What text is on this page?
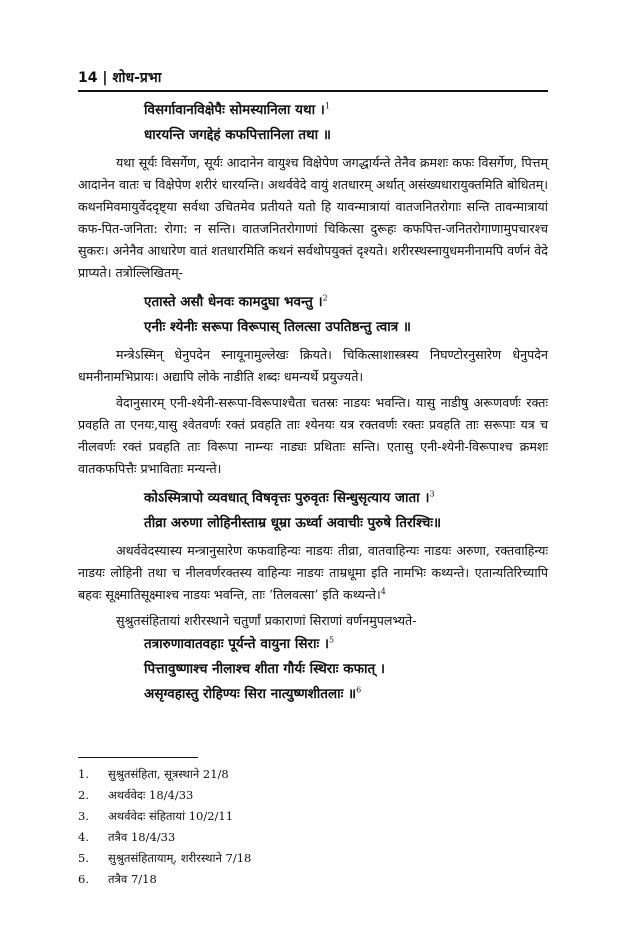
14 | शोध-प्रभा
विसर्गावानविक्षेपैः सोमस्यानिला यथा ।$^1$
धारयन्ति जगद्देहं कफपित्तानिला तथा ॥

यथा सूर्यः विसर्गेण, सूर्यः आदानेन वायुश्च विक्षेपेण जगद्धार्यन्ते तेनैव क्रमशः कफः विसर्गेण, पित्तम् आदानेन वातः च विक्षेपेण शरीरं धारयन्ति। अथर्ववेदे वायुं शतधारम् अर्थात् असंख्यधारायुक्तमिति बोधितम्। कथनमिवमायुर्वेददृष्ट्या सर्वथा उचितमेव प्रतीयते यतो हि यावन्मात्रायां वातजनितरोगाः सन्ति तावन्मात्रायां कफ-पित-जनिता: रोगा: न सन्ति। वातजनितरोगाणां चिकित्सा दुरूहः कफपित्त-जनितरोगाणामुपचारश्च सुकरः। अनेनैव आधारेण वातं शतधारमिति कथनं सर्वथोपयुक्तं दृश्यते। शरीरस्थस्नायुधमनीनामपि वर्णनं वेदे प्राप्यते। तत्रोल्लिखितम्-

एतास्ते असौ धेनवः कामदुघा भवन्तु ।$^2$
एनीः श्येनीः सरूपा विरूपास् तिलत्सा उपतिष्ठन्तु त्वात्र ॥

मन्त्रेऽस्मिन् धेनुपदेन स्नायूनामुल्लेखः क्रियते। चिकित्साशास्त्रस्य निघण्टोरनुसारेण धेनुपदेन धमनीनामभिप्रायः। अद्यापि लोके नाडीति शब्दः धमन्यर्थे प्रयुज्यते।

वेदानुसारम् एनी-श्येनी-सरूपा-विरूपाश्चैता चतस्रः नाडयः भवन्ति। यासु नाडीषु अरूणवर्णः रक्तः प्रवहति ता एनयः,यासु श्वेतवर्णः रक्तं प्रवहति ताः श्येनयः यत्र रक्तवर्णः रक्तः प्रवहति ताः सरूपाः यत्र च नीलवर्णः रक्तं प्रवहति ताः विरूपा नाम्न्यः नाड्यः प्रथिताः सन्ति। एतासु एनी-श्येनी-विरूपाश्च क्रमशः वातकफपित्तैः प्रभाविताः मन्यन्ते।

कोऽस्मित्रापो व्यवधात् विषवृत्तः पुरुवृतः सिन्धुसृत्याय जाता ।$^3$
तीव्रा अरुणा लोहिनीस्ताम्र धूम्रा ऊर्ध्वा अवाचीः पुरुषे तिरश्चिः॥

अथर्ववेदस्यास्य मन्त्रानुसारेण कफवाहिन्यः नाडयः तीव्रा, वातवाहिन्यः नाडयः अरुणा, रक्तवाहिन्यः नाडयः लोहिनी तथा च नीलवर्णरक्तस्य वाहिन्यः नाडयः ताम्रधूमा इति नामभिः कथ्यन्ते। एतान्यतिरिच्यापि बहवः सूक्ष्मातिसूक्ष्माश्च नाडयः भवन्ति, ताः ‘तिलवत्सा’ इति कथ्यन्ते।$^4$

सुश्रुतसंहितायां शरीरस्थाने चतुर्णां प्रकाराणां सिराणां वर्णनमुपलभ्यते-

तत्रारुणावातवहाः पूर्यन्ते वायुना सिराः ।$^5$
पित्तावुष्णाश्च नीलाश्च शीता गौर्यः स्थिराः कफात् ।
असृग्वहास्तु रोहिण्यः सिरा नात्युष्णशीतलाः ॥$^6$
1.	सुश्रुतसंहिता, सूत्रस्थाने 21/8
2.	अथर्ववेदः 18/4/33
3.	अथर्ववेदः संहितायां 10/2/11
4.	तत्रैव 18/4/33
5.	सुश्रुतसंहितायाम्, शरीरस्थाने 7/18
6.	तत्रैव 7/18
